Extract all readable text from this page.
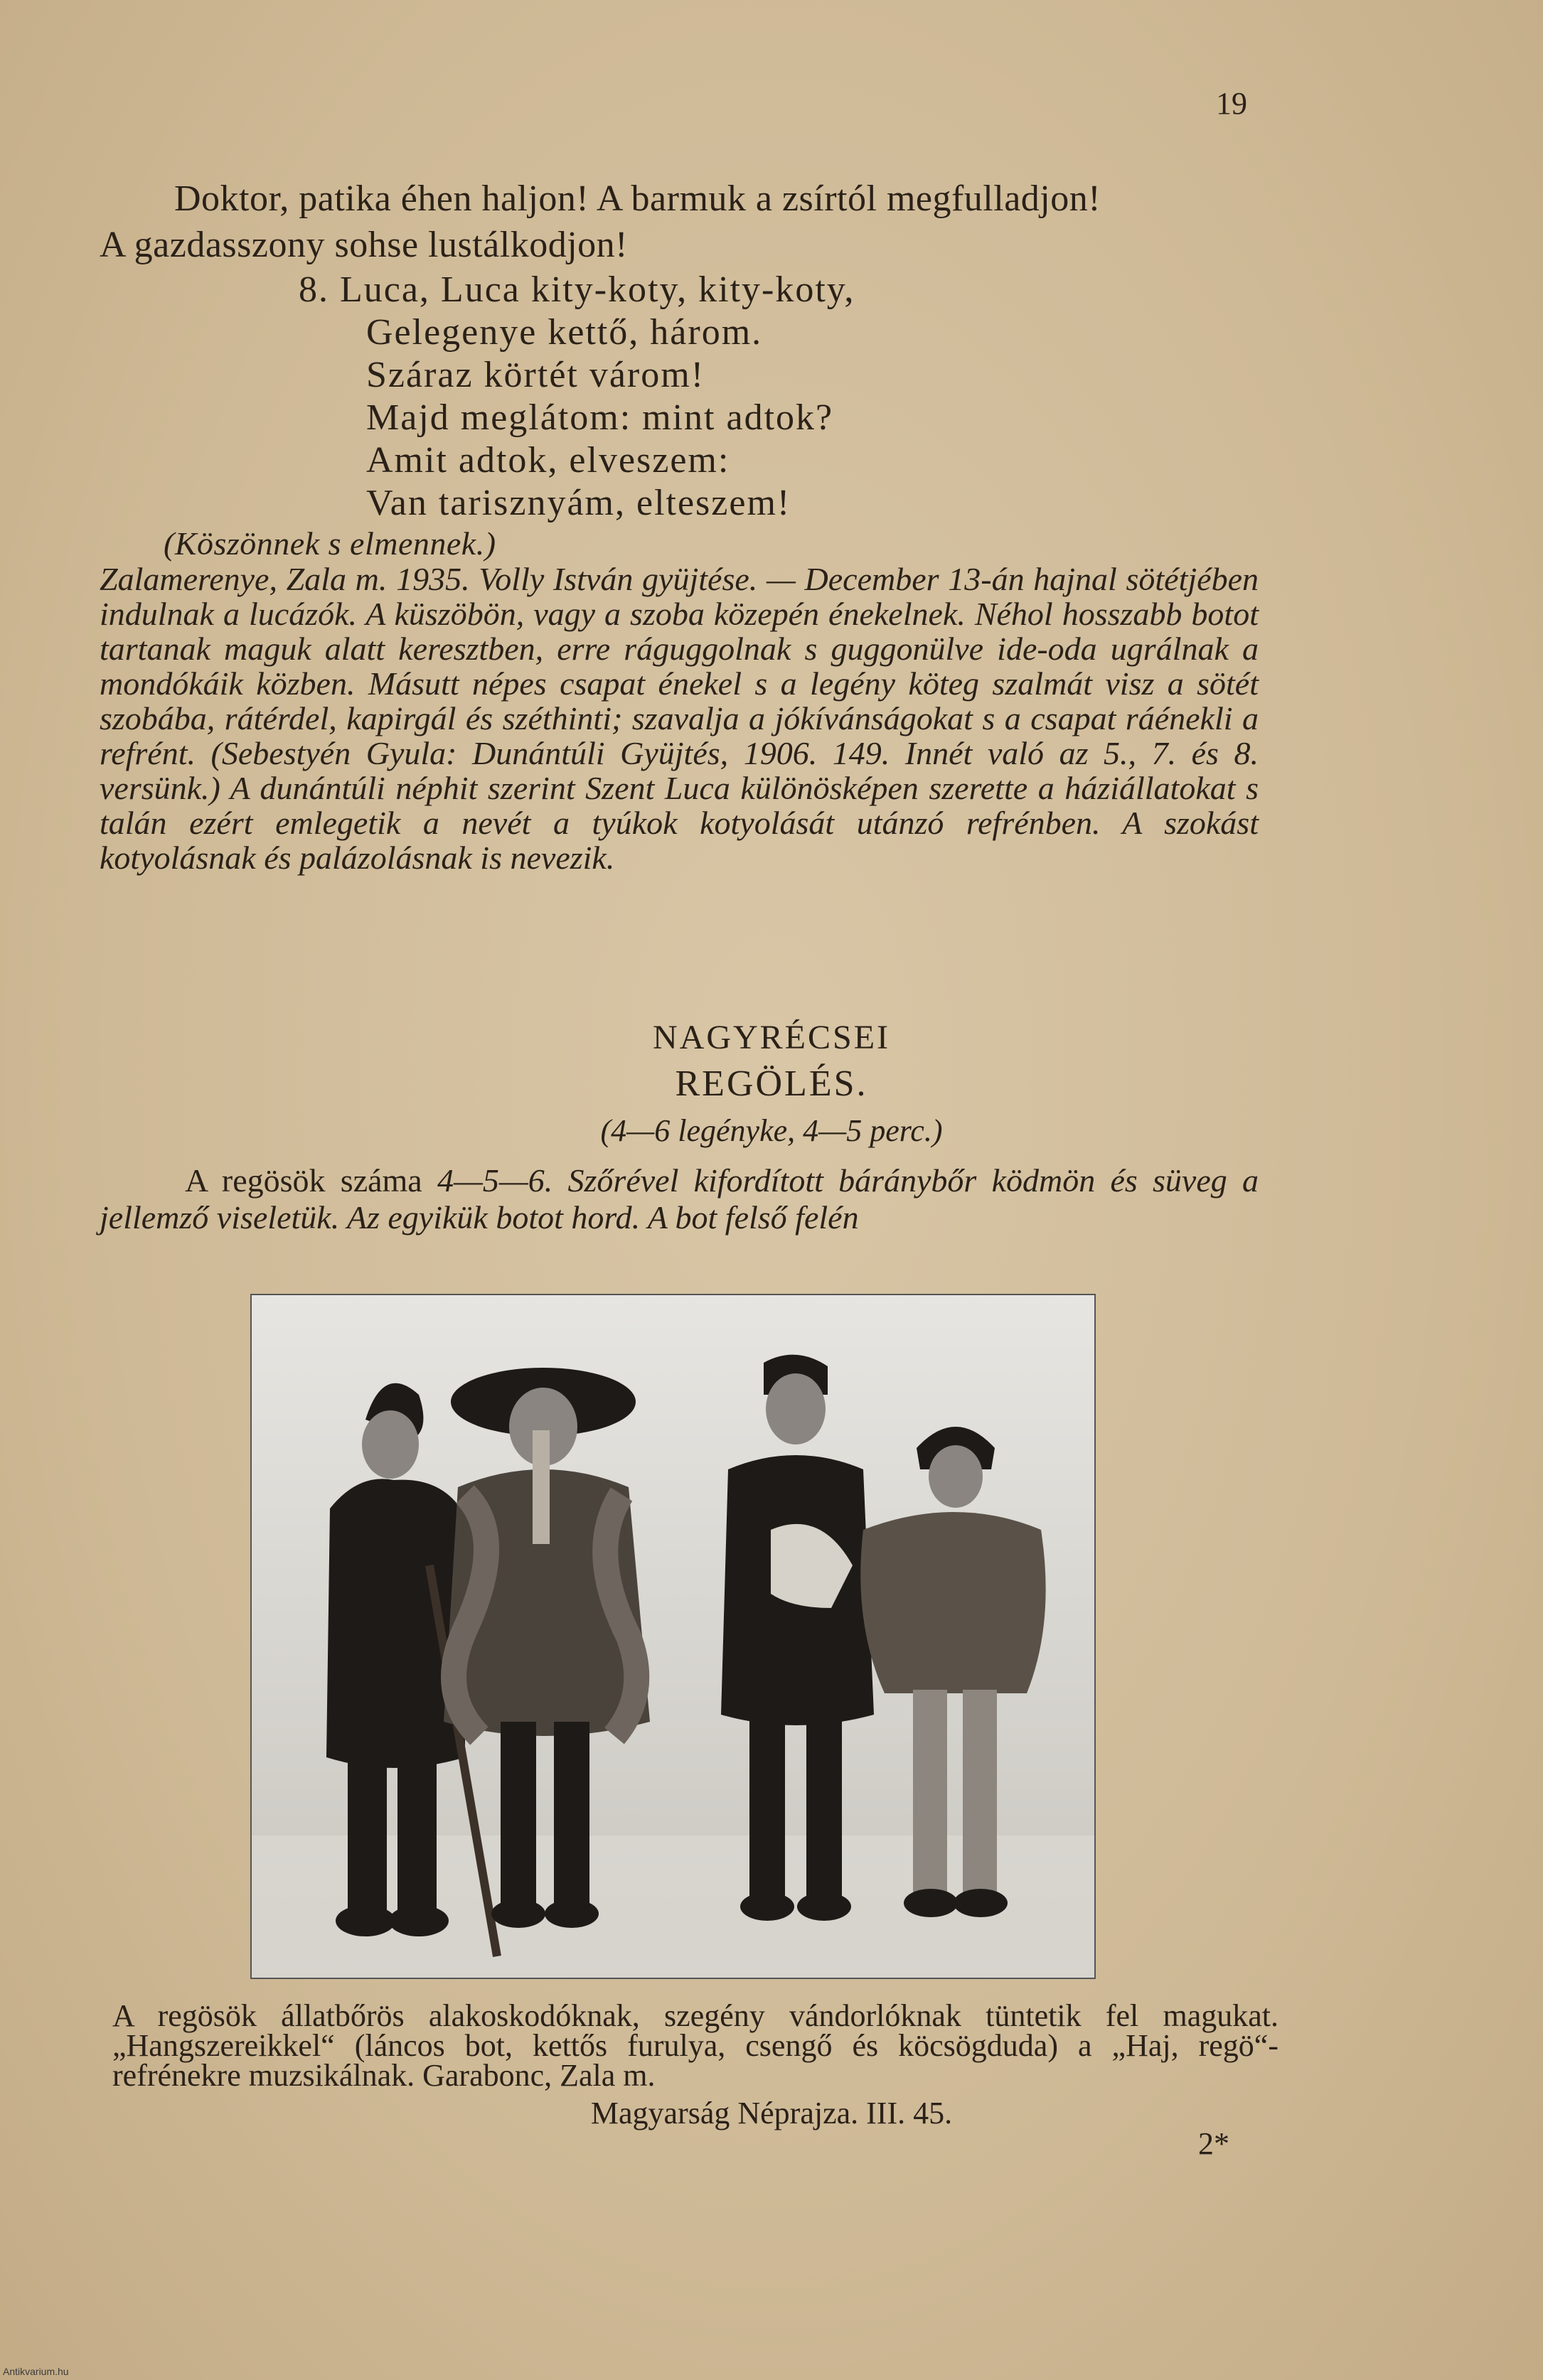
19
Doktor, patika éhen haljon! A barmuk a zsírtól megfulladjon!
A gazdasszony sohse lustálkodjon!
8. Luca, Luca kity-koty, kity-koty,
Gelegenye kettő, három.
Száraz körtét várom!
Majd meglátom: mint adtok?
Amit adtok, elveszem:
Van tarisznyám, elteszem!
(Köszönnek s elmennek.)

Zalamerenye, Zala m. 1935. Volly István gyüjtése. — December 13-án hajnal sötétjében indulnak a lucázók. A küszöbön, vagy a szoba közepén énekelnek. Néhol hosszabb botot tartanak maguk alatt keresztben, erre ráguggolnak s guggonülve ide-oda ugrálnak a mondókáik közben. Másutt népes csapat énekel s a legény köteg szalmát visz a sötét szobába, rátérdel, kapirgál és széthinti; szavalja a jókívánságokat s a csapat ráénekli a refrént. (Sebestyén Gyula: Dunántúli Gyüjtés, 1906. 149. Innét való az 5., 7. és 8. versünk.) A dunántúli néphit szerint Szent Luca különösképen szerette a háziállatokat s talán ezért emlegetik a nevét a tyúkok kotyolását utánzó refrénben. A szokást kotyolásnak és palázolásnak is nevezik.

NAGYRÉCSEI
REGÖLÉS.
(4—6 legényke, 4—5 perc.)

A regösök száma 4—5—6. Szőrével kifordított báránybőr ködmön és süveg a jellemző viseletük. Az egyikük botot hord. A bot felső felén

A regösök állatbőrös alakoskodóknak, szegény vándorlóknak tüntetik fel magukat. „Hangszereikkel“ (láncos bot, kettős furulya, csengő és köcsögduda) a „Haj, regö“-refrénekre muzsikálnak. Garabonc, Zala m.

Magyarság Néprajza. III. 45.
2*
Antikvarium.hu
